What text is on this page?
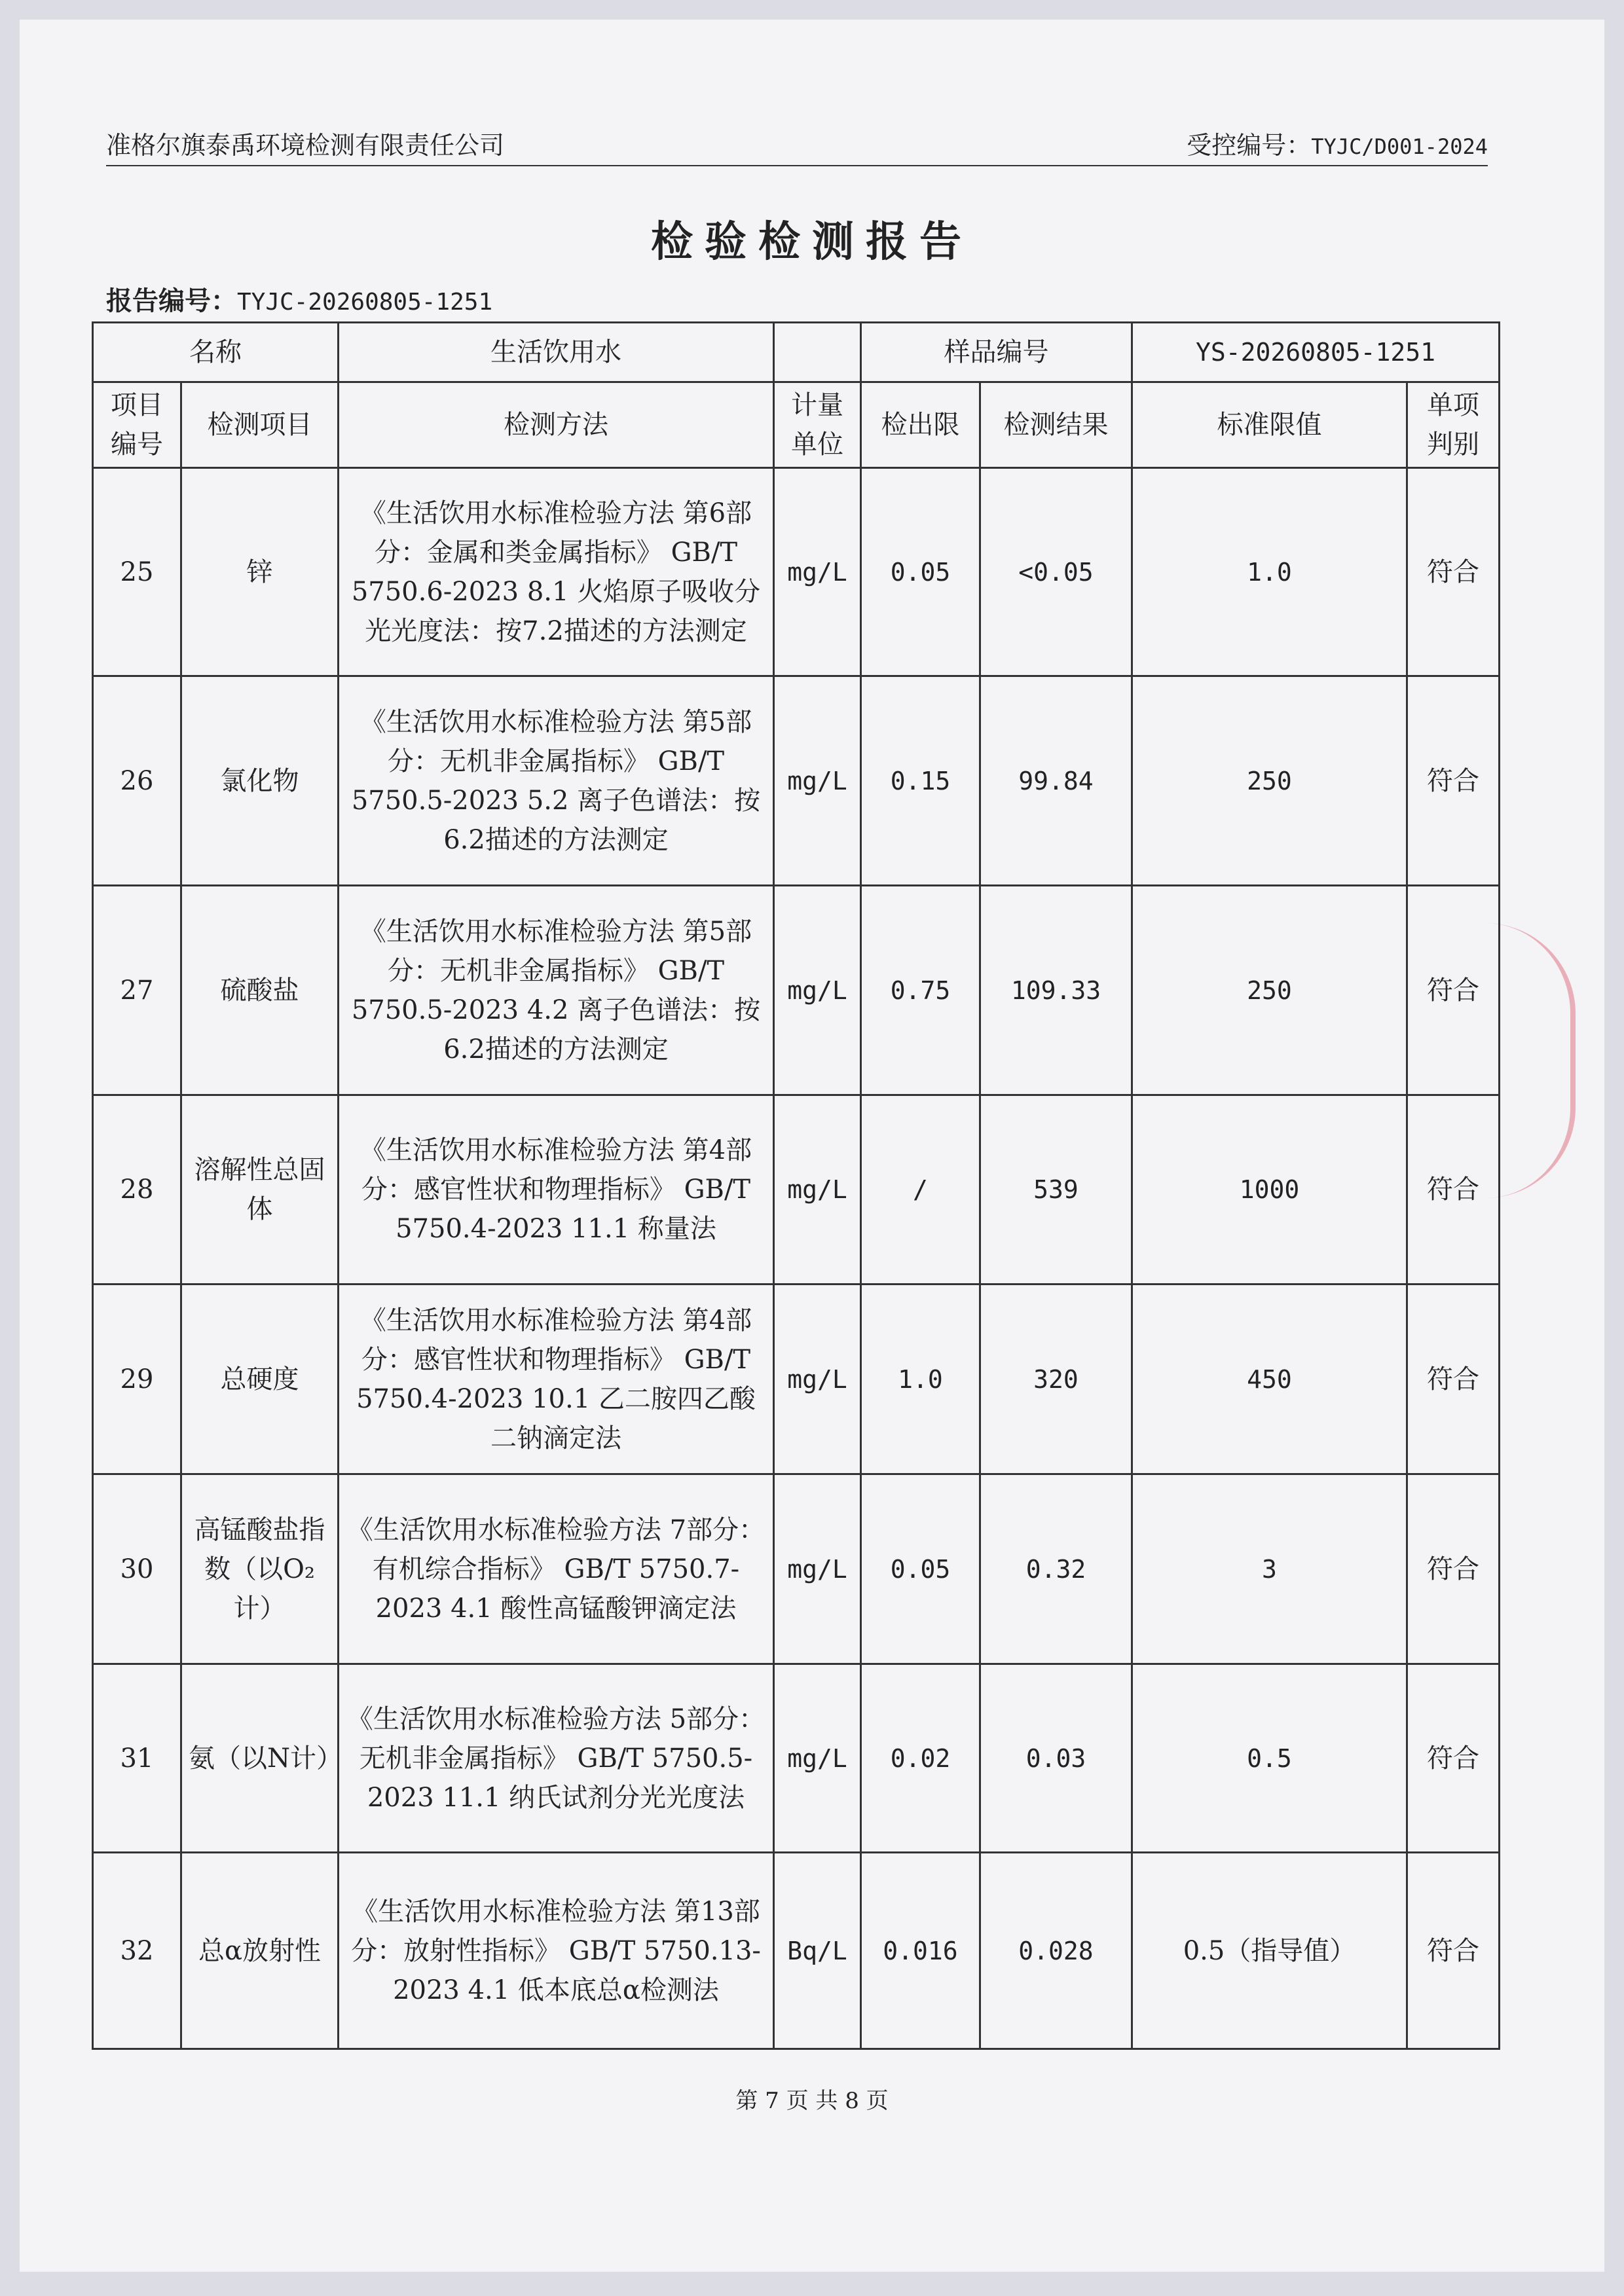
准格尔旗泰禹环境检测有限责任公司	受控编号：TYJC/D001-2024
检验检测报告
报告编号：TYJC-20260805-1251
名称		生活饮用水		样品编号		YS-20260805-1251	
项目编号	检测项目	检测方法	计量单位	检出限	检测结果	标准限值	单项判别
25	锌	《生活饮用水标准检验方法 第6部分：金属和类金属指标》 GB/T 5750.6-2023 8.1 火焰原子吸收分光光度法：按7.2描述的方法测定	mg/L	0.05	<0.05	1.0	符合
26	氯化物	《生活饮用水标准检验方法 第5部分：无机非金属指标》 GB/T 5750.5-2023 5.2 离子色谱法：按6.2描述的方法测定	mg/L	0.15	99.84	250	符合
27	硫酸盐	《生活饮用水标准检验方法 第5部分：无机非金属指标》 GB/T 5750.5-2023 4.2 离子色谱法：按6.2描述的方法测定	mg/L	0.75	109.33	250	符合
28	溶解性总固体	《生活饮用水标准检验方法 第4部分：感官性状和物理指标》 GB/T 5750.4-2023 11.1 称量法	mg/L	/	539	1000	符合
29	总硬度	《生活饮用水标准检验方法 第4部分：感官性状和物理指标》 GB/T 5750.4-2023 10.1 乙二胺四乙酸二钠滴定法	mg/L	1.0	320	450	符合
30	高锰酸盐指数（以O₂计）	《生活饮用水标准检验方法 7部分： 有机综合指标》 GB/T 5750.7-2023 4.1 酸性高锰酸钾滴定法	mg/L	0.05	0.32	3	符合
31	氨（以N计）	《生活饮用水标准检验方法 5部分： 无机非金属指标》 GB/T 5750.5-2023 11.1 纳氏试剂分光光度法	mg/L	0.02	0.03	0.5	符合
32	总α放射性	《生活饮用水标准检验方法 第13部分：放射性指标》 GB/T 5750.13-2023 4.1 低本底总α检测法	Bq/L	0.016	0.028	0.5（指导值）	符合
第 7 页 共 8 页
